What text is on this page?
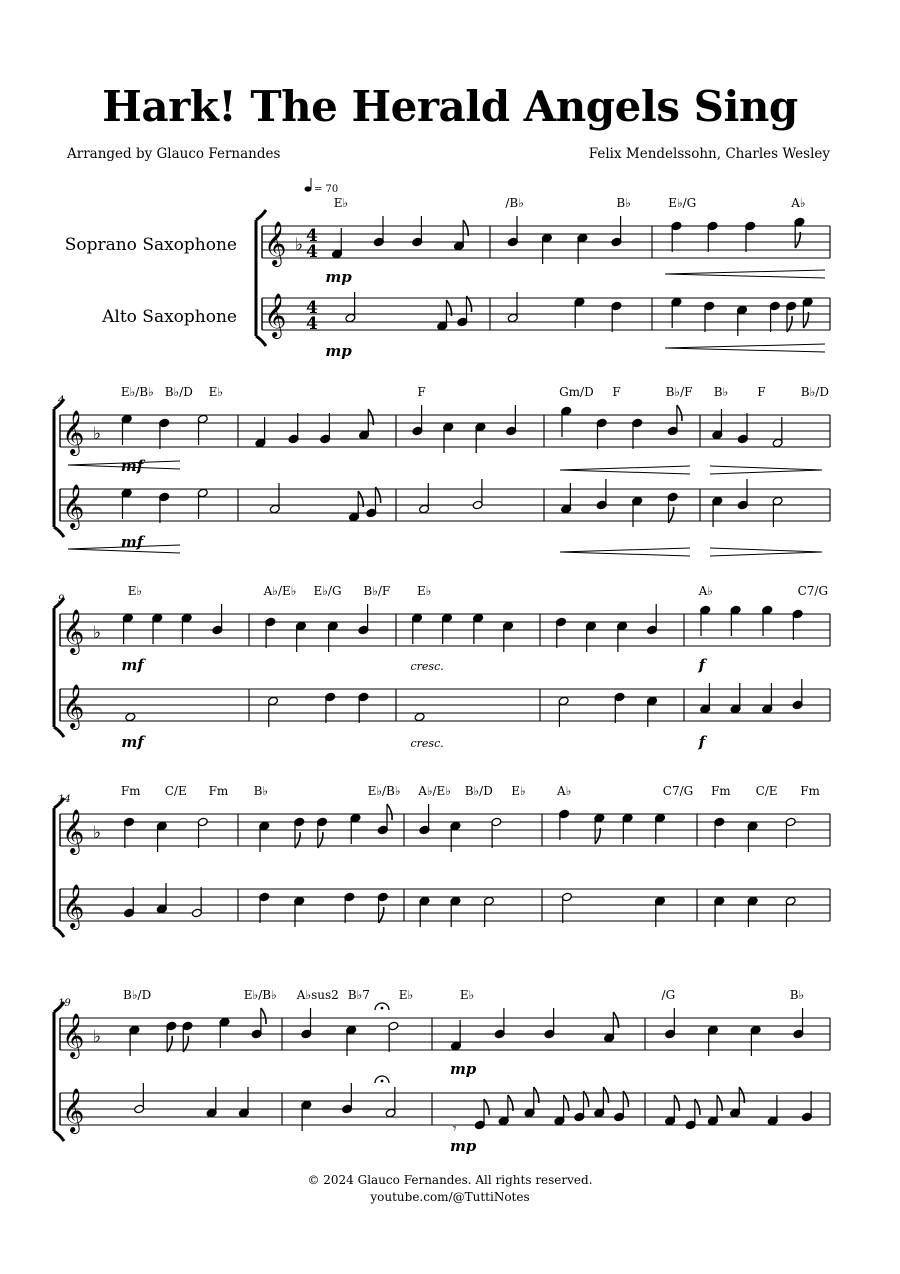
Hark! The Herald Angels Sing
Arranged by Glauco Fernandes	Felix Mendelssohn, Charles Wesley
𝄞 ♭
𝄞
4
4
4
4
Soprano Saxophone
Alto Saxophone
= 70
E♭
mp
mp
/B♭	B♭	E♭/G	A♭
𝄞 ♭
𝄞
4
E♭/B♭ B♭/D E♭
mf
mf
F	Gm/D F	B♭/F B♭ F	B♭/D
𝄞 ♭
𝄞
9
E♭
mf
mf
A♭/E♭ E♭/G B♭/F E♭
cresc.
cresc.
A♭	C7/G
f
f
𝄞 ♭
𝄞
14
Fm C/E Fm B♭	E♭/B♭ A♭/E♭ B♭/D E♭	A♭	C7/G Fm C/E Fm
𝄞 ♭
𝄞
19
B♭/D	E♭/B♭ A♭sus2 B♭7 E♭	E♭
𝄾
mp
mp
/G	B♭
© 2024 Glauco Fernandes. All rights reserved.
youtube.com/@TuttiNotes
